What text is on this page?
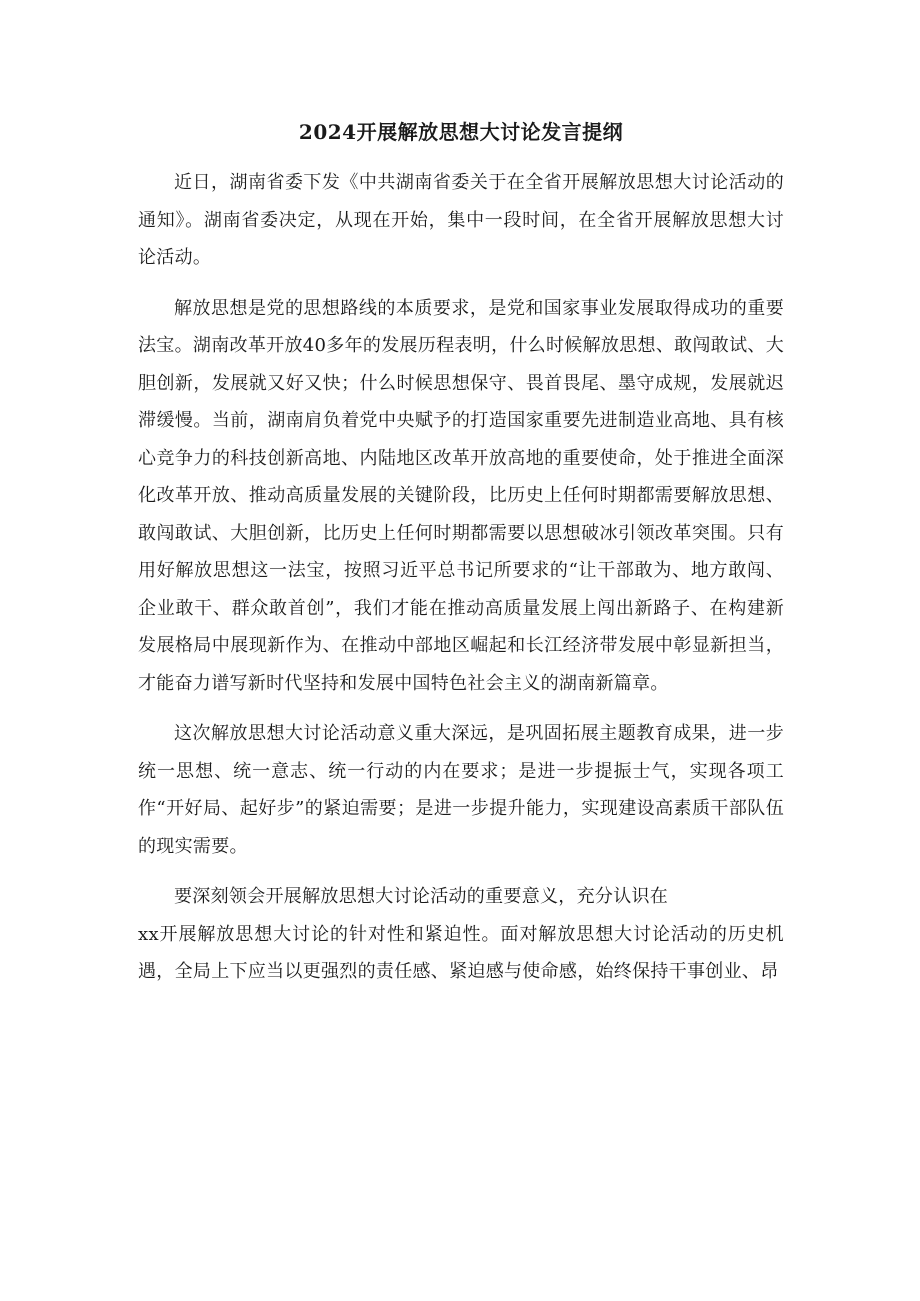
2024开展解放思想大讨论发言提纲

近日，湖南省委下发《中共湖南省委关于在全省开展解放思想大讨论活动的通知》。湖南省委决定，从现在开始，集中一段时间，在全省开展解放思想大讨论活动。

解放思想是党的思想路线的本质要求，是党和国家事业发展取得成功的重要法宝。湖南改革开放40多年的发展历程表明，什么时候解放思想、敢闯敢试、大胆创新，发展就又好又快；什么时候思想保守、畏首畏尾、墨守成规，发展就迟滞缓慢。当前，湖南肩负着党中央赋予的打造国家重要先进制造业高地、具有核心竞争力的科技创新高地、内陆地区改革开放高地的重要使命，处于推进全面深化改革开放、推动高质量发展的关键阶段，比历史上任何时期都需要解放思想、敢闯敢试、大胆创新，比历史上任何时期都需要以思想破冰引领改革突围。只有用好解放思想这一法宝，按照习近平总书记所要求的“让干部敢为、地方敢闯、企业敢干、群众敢首创”，我们才能在推动高质量发展上闯出新路子、在构建新发展格局中展现新作为、在推动中部地区崛起和长江经济带发展中彰显新担当，才能奋力谱写新时代坚持和发展中国特色社会主义的湖南新篇章。

这次解放思想大讨论活动意义重大深远，是巩固拓展主题教育成果，进一步统一思想、统一意志、统一行动的内在要求；是进一步提振士气，实现各项工作“开好局、起好步”的紧迫需要；是进一步提升能力，实现建设高素质干部队伍的现实需要。

要深刻领会开展解放思想大讨论活动的重要意义，充分认识在

xx开展解放思想大讨论的针对性和紧迫性。面对解放思想大讨论活动的历史机遇，全局上下应当以更强烈的责任感、紧迫感与使命感，始终保持干事创业、昂
